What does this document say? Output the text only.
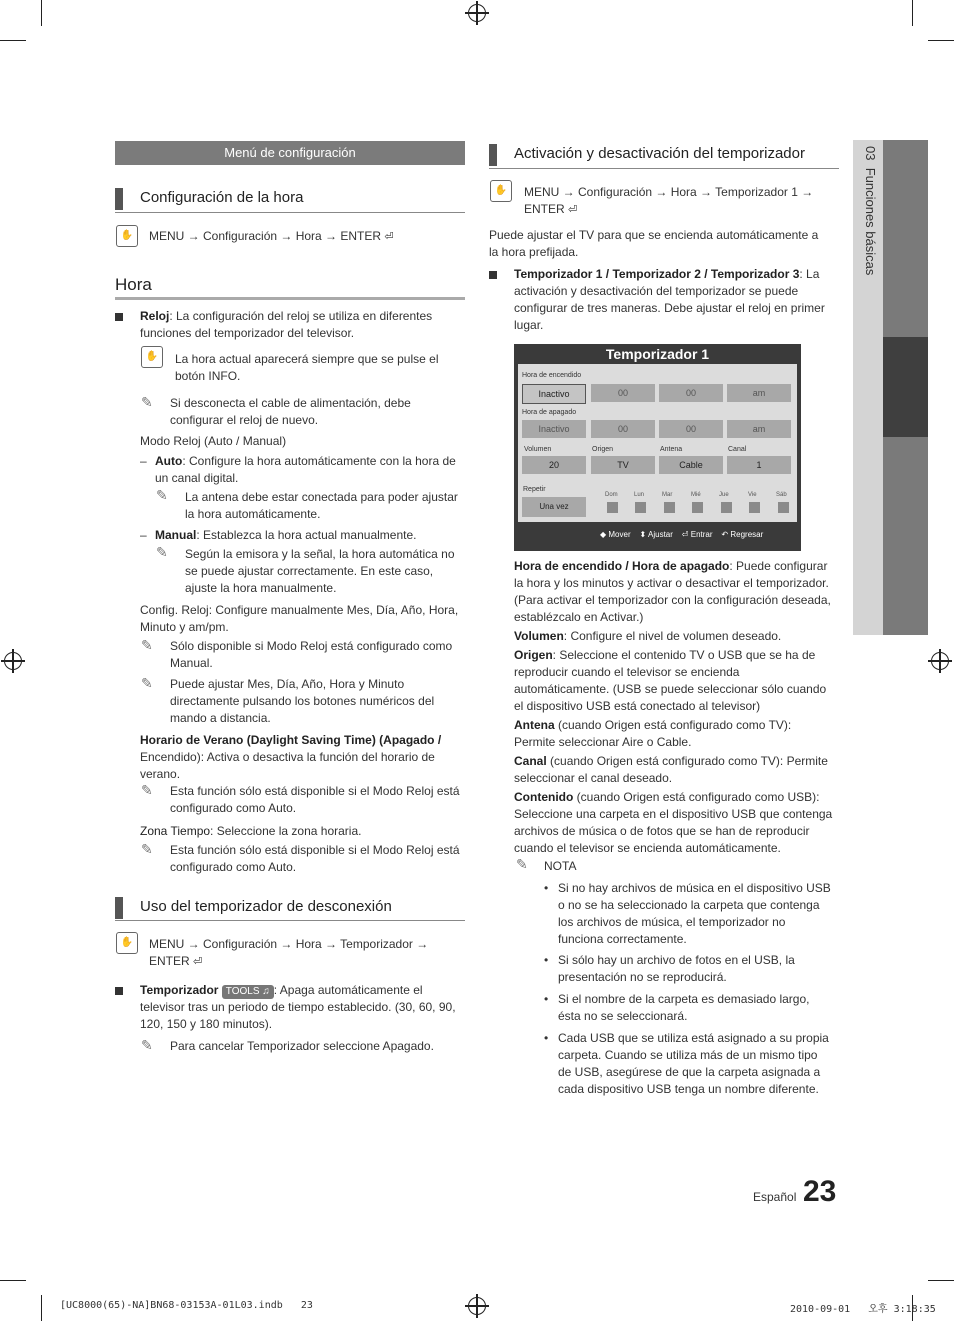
03  Funciones básicas
Menú de configuración
Configuración de la hora
✋	MENU → Configuración → Hora → ENTER ⏎
Hora
Reloj: La configuración del reloj se utiliza en diferentes funciones del temporizador del televisor.
✋	La hora actual aparecerá siempre que se pulse el botón INFO.
✎ Si desconecta el cable de alimentación, debe configurar el reloj de nuevo.
Modo Reloj (Auto / Manual)
– Auto: Configure la hora automáticamente con la hora de un canal digital.
✎ La antena debe estar conectada para poder ajustar la hora automáticamente.
– Manual: Establezca la hora actual manualmente.
✎ Según la emisora y la señal, la hora automática no se puede ajustar correctamente. En este caso, ajuste la hora manualmente.
Config. Reloj: Configure manualmente Mes, Día, Año, Hora,
Minuto y am/pm.
✎ Sólo disponible si Modo Reloj está configurado como Manual.
✎ Puede ajustar Mes, Día, Año, Hora y Minuto directamente pulsando los botones numéricos del mando a distancia.
Horario de Verano (Daylight Saving Time) (Apagado /
Encendido): Activa o desactiva la función del horario de
verano.
✎ Esta función sólo está disponible si el Modo Reloj está configurado como Auto.
Zona Tiempo: Seleccione la zona horaria.
✎ Esta función sólo está disponible si el Modo Reloj está configurado como Auto.
Uso del temporizador de desconexión
✋	MENU → Configuración → Hora → Temporizador →
ENTER ⏎
Temporizador TOOLS ♫ : Apaga automáticamente el
televisor tras un periodo de tiempo establecido. (30, 60, 90,
120, 150 y 180 minutos).
✎ Para cancelar Temporizador seleccione Apagado.
Activación y desactivación del temporizador
✋	MENU → Configuración → Hora → Temporizador 1 →
ENTER ⏎
Puede ajustar el TV para que se encienda automáticamente a la hora prefijada.
Temporizador 1 / Temporizador 2 / Temporizador 3: La activación y desactivación del temporizador se puede configurar de tres maneras. Debe ajustar el reloj en primer lugar.
Temporizador 1
Hora de encendido
Inactivo	00	00	am
Hora de apagado
Inactivo	00	00	am
Volumen	Origen	Antena	Canal
20	TV	Cable	1
Repetir
Una vez
Dom	Lun	Mar	Mié	Jue	Vie	Sáb
◆ Mover ⬍ Ajustar ⏎ Entrar ↶ Regresar
Hora de encendido / Hora de apagado: Puede configurar la hora y los minutos y activar o desactivar el temporizador. (Para activar el temporizador con la configuración deseada, establézcalo en Activar.)
Volumen: Configure el nivel de volumen deseado.
Origen: Seleccione el contenido TV o USB que se ha de reproducir cuando el televisor se encienda automáticamente. (USB se puede seleccionar sólo cuando el dispositivo USB está conectado al televisor)
Antena (cuando Origen está configurado como TV): Permite seleccionar Aire o Cable.
Canal (cuando Origen está configurado como TV): Permite seleccionar el canal deseado.
Contenido (cuando Origen está configurado como USB): Seleccione una carpeta en el dispositivo USB que contenga archivos de música o de fotos que se han de reproducir cuando el televisor se encienda automáticamente.
✎ NOTA
• Si no hay archivos de música en el dispositivo USB o no se ha seleccionado la carpeta que contenga los archivos de música, el temporizador no funciona correctamente.
• Si sólo hay un archivo de fotos en el USB, la presentación no se reproducirá.
• Si el nombre de la carpeta es demasiado largo, ésta no se seleccionará.
• Cada USB que se utiliza está asignado a su propia carpeta. Cuando se utiliza más de un mismo tipo de USB, asegúrese de que la carpeta asignada a cada dispositivo USB tenga un nombre diferente.
Español 23
[UC8000(65)-NA]BN68-03153A-01L03.indb   23	2010-09-01   오후 3:18:35
